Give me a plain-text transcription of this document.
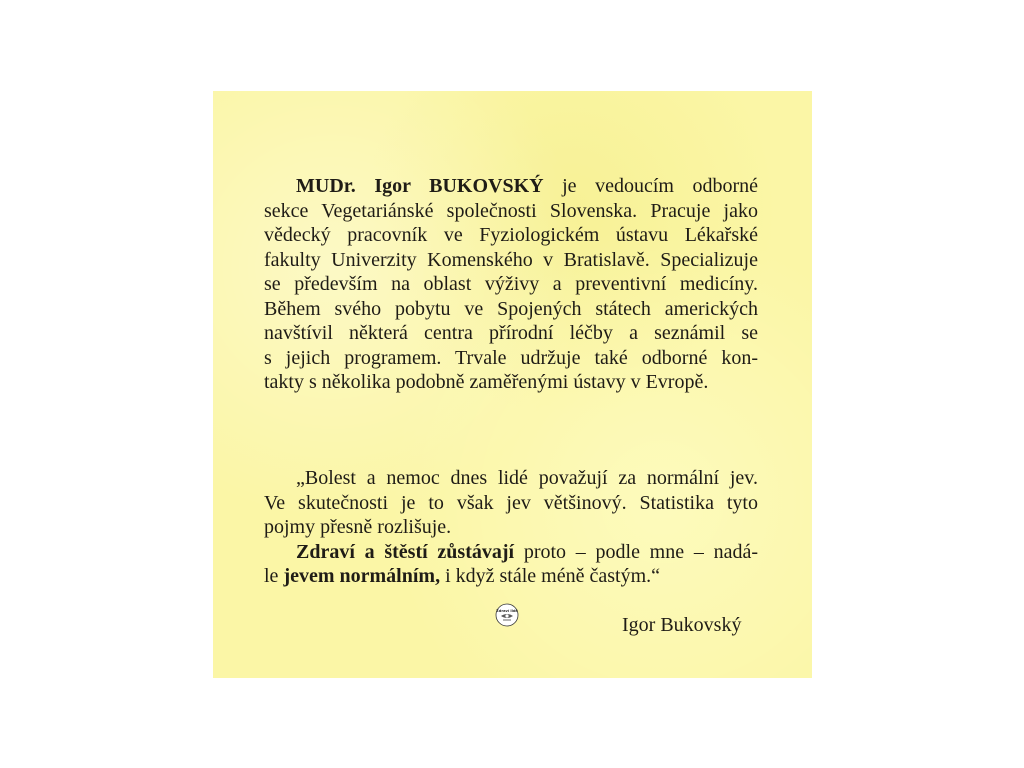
MUDr. Igor BUKOVSKÝ je vedoucím odborné
sekce Vegetariánské společnosti Slovenska. Pracuje jako
vědecký pracovník ve Fyziologickém ústavu Lékařské
fakulty Univerzity Komenského v Bratislavě. Specializuje
se především na oblast výživy a preventivní medicíny.
Během svého pobytu ve Spojených státech amerických
navštívil některá centra přírodní léčby a seznámil se
s jejich programem. Trvale udržuje také odborné kon-
takty s několika podobně zaměřenými ústavy v Evropě.
„Bolest a nemoc dnes lidé považují za normální jev.
Ve skutečnosti je to však jev většinový. Statistika tyto
pojmy přesně rozlišuje.
Zdraví a štěstí zůstávají proto – podle mne – nadá-
le jevem normálním, i když stále méně častým.“
Zdraví lidé
Igor Bukovský
